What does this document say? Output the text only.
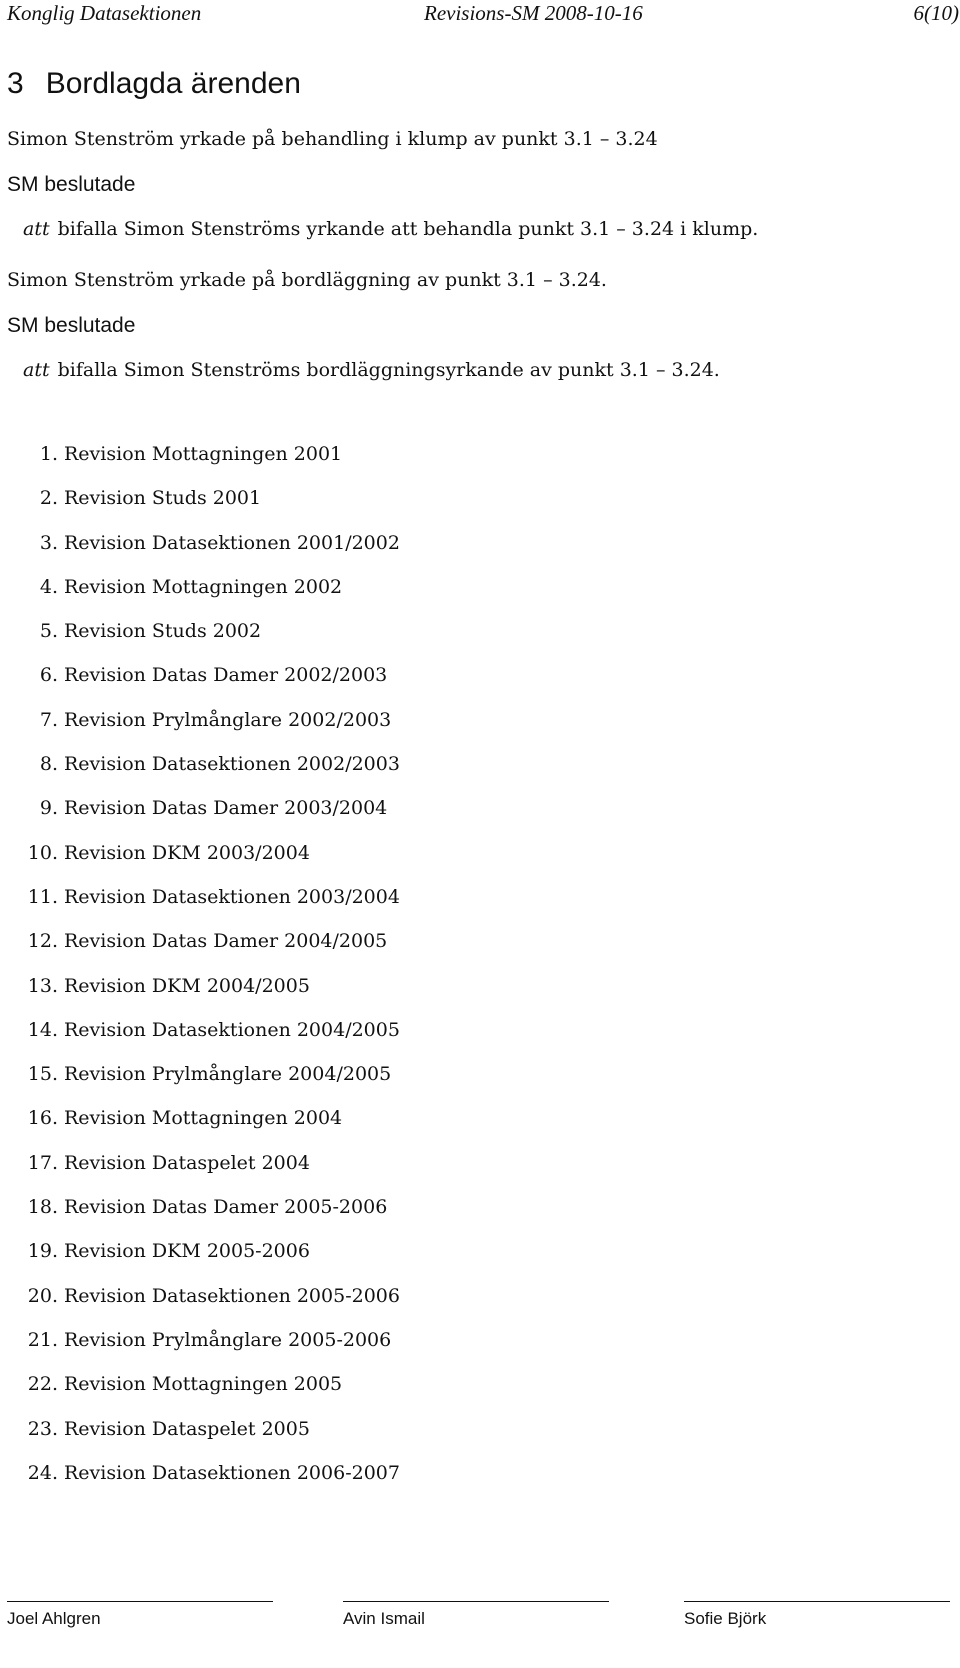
Konglig Datasektionen	Revisions-SM 2008-10-16	6(10)
3 Bordlagda ärenden
Simon Stenström yrkade på behandling i klump av punkt 3.1 – 3.24
SM beslutade
att bifalla Simon Stenströms yrkande att behandla punkt 3.1 – 3.24 i klump.
Simon Stenström yrkade på bordläggning av punkt 3.1 – 3.24.
SM beslutade
att bifalla Simon Stenströms bordläggningsyrkande av punkt 3.1 – 3.24.
1. Revision Mottagningen 2001
2. Revision Studs 2001
3. Revision Datasektionen 2001/2002
4. Revision Mottagningen 2002
5. Revision Studs 2002
6. Revision Datas Damer 2002/2003
7. Revision Prylmånglare 2002/2003
8. Revision Datasektionen 2002/2003
9. Revision Datas Damer 2003/2004
10. Revision DKM 2003/2004
11. Revision Datasektionen 2003/2004
12. Revision Datas Damer 2004/2005
13. Revision DKM 2004/2005
14. Revision Datasektionen 2004/2005
15. Revision Prylmånglare 2004/2005
16. Revision Mottagningen 2004
17. Revision Dataspelet 2004
18. Revision Datas Damer 2005-2006
19. Revision DKM 2005-2006
20. Revision Datasektionen 2005-2006
21. Revision Prylmånglare 2005-2006
22. Revision Mottagningen 2005
23. Revision Dataspelet 2005
24. Revision Datasektionen 2006-2007
Joel Ahlgren	Avin Ismail	Sofie Björk
